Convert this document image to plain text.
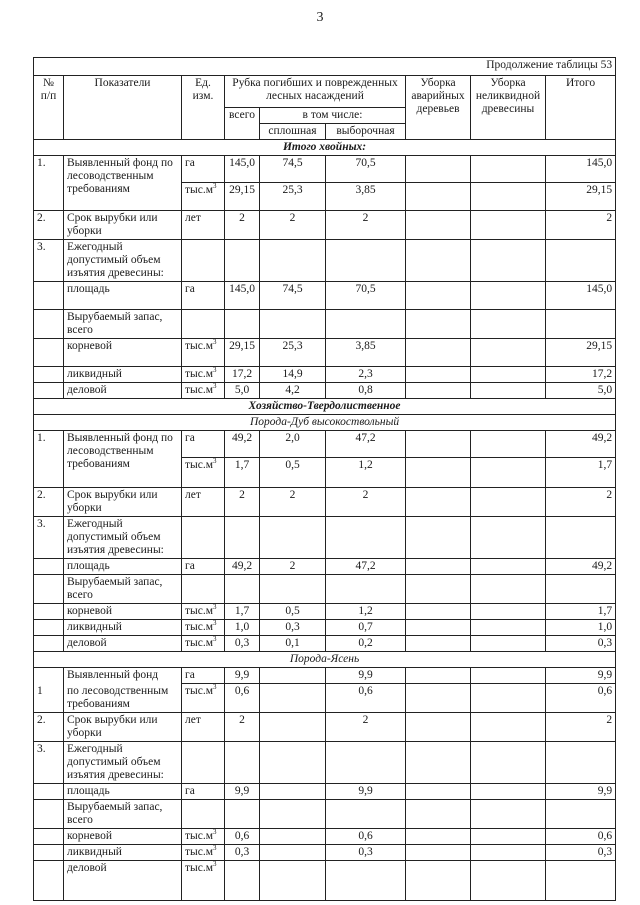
3
Продолжение таблицы 53								
№ п/п	Показатели	Ед. изм.	Рубка погибших и поврежденных лесных насаждений			Уборка аварийных деревьев	Уборка неликвидной древесины	Итого
			всего	в том числе:				
				сплошная	выборочная			
Итого хвойных:								
1.	Выявленный фонд по лесоводственным требованиям	га	145,0	74,5	70,5			145,0
		$тыс.м^3$	29,15	25,3	3,85			29,15
2.	Срок вырубки или уборки	лет	2	2	2			2
3.	Ежегодный допустимый объем изъятия древесины:							
	площадь	га	145,0	74,5	70,5			145,0
	Вырубаемый запас, всего							
	корневой	$тыс.м^3$	29,15	25,3	3,85			29,15
	ликвидный	$тыс.м^3$	17,2	14,9	2,3			17,2
	деловой	$тыс.м^3$	5,0	4,2	0,8			5,0
Хозяйство-Твердолиственное								
Порода-Дуб высокоствольный								
1.	Выявленный фонд по лесоводственным требованиям	га	49,2	2,0	47,2			49,2
		$тыс.м^3$	1,7	0,5	1,2			1,7
2.	Срок вырубки или уборки	лет	2	2	2			2
3.	Ежегодный допустимый объем изъятия древесины:							
	площадь	га	49,2	2	47,2			49,2
	Вырубаемый запас, всего							
	корневой	$тыс.м^3$	1,7	0,5	1,2			1,7
	ликвидный	$тыс.м^3$	1,0	0,3	0,7			1,0
	деловой	$тыс.м^3$	0,3	0,1	0,2			0,3
Порода-Ясень								
	Выявленный фонд	га	9,9		9,9			9,9
1	по лесоводственным требованиям	$тыс.м^3$	0,6		0,6			0,6
2.	Срок вырубки или уборки	лет	2		2			2
3.	Ежегодный допустимый объем изъятия древесины:							
	площадь	га	9,9		9,9			9,9
	Вырубаемый запас, всего							
	корневой	$тыс.м^3$	0,6		0,6			0,6
	ликвидный	$тыс.м^3$	0,3		0,3			0,3
	деловой	$тыс.м^3$						
